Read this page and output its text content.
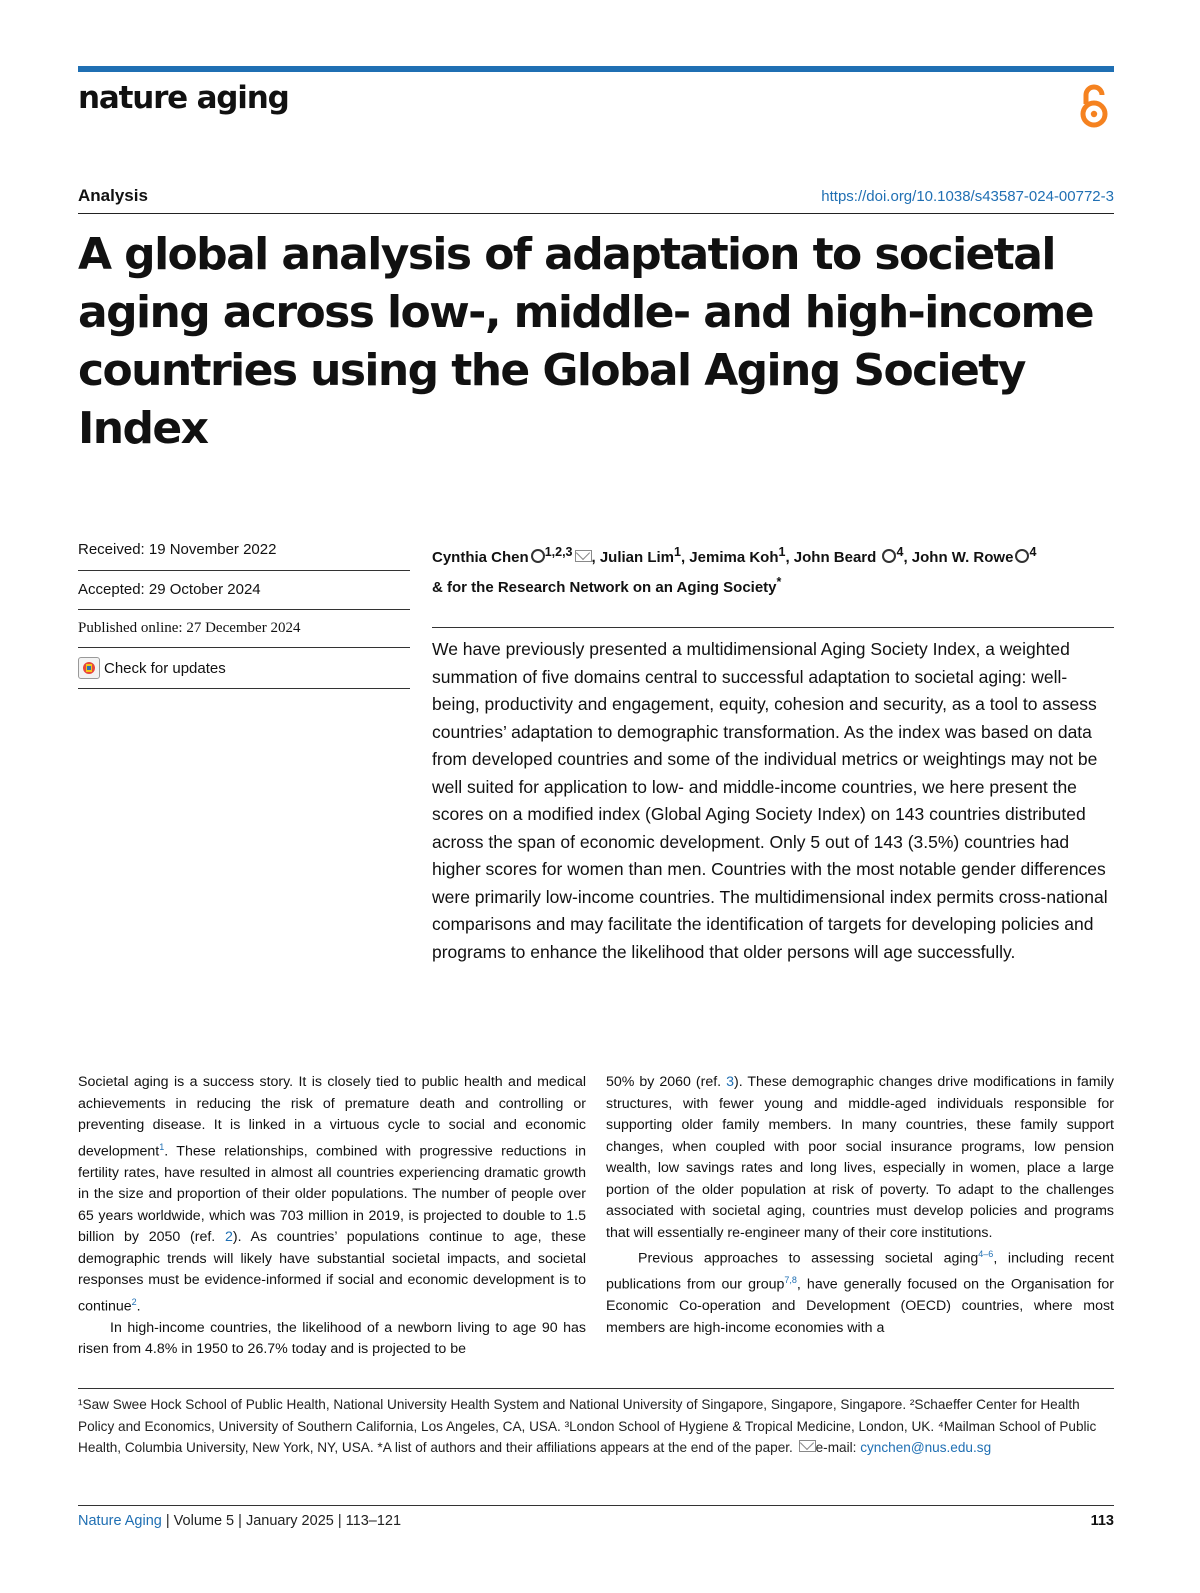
nature aging
Analysis	https://doi.org/10.1038/s43587-024-00772-3
A global analysis of adaptation to societal aging across low-, middle- and high-income countries using the Global Aging Society Index
Received: 19 November 2022
Accepted: 29 October 2024
Published online: 27 December 2024
Check for updates
Cynthia Chen $^{1,2,3}$ , Julian Lim$^1$, Jemima Koh$^1$, John Beard $^4$, John W. Rowe $^4$
& for the Research Network on an Aging Society*

We have previously presented a multidimensional Aging Society Index, a weighted summation of five domains central to successful adaptation to societal aging: well-being, productivity and engagement, equity, cohesion and security, as a tool to assess countries’ adaptation to demographic transformation. As the index was based on data from developed countries and some of the individual metrics or weightings may not be well suited for application to low- and middle-income countries, we here present the scores on a modified index (Global Aging Society Index) on 143 countries distributed across the span of economic development. Only 5 out of 143 (3.5%) countries had higher scores for women than men. Countries with the most notable gender differences were primarily low-income countries. The multidimensional index permits cross-national comparisons and may facilitate the identification of targets for developing policies and programs to enhance the likelihood that older persons will age successfully.

Societal aging is a success story. It is closely tied to public health and medical achievements in reducing the risk of premature death and controlling or preventing disease. It is linked in a virtuous cycle to social and economic development$^1$. These relationships, combined with progressive reductions in fertility rates, have resulted in almost all countries experiencing dramatic growth in the size and proportion of their older populations. The number of people over 65 years worldwide, which was 703 million in 2019, is projected to double to 1.5 billion by 2050 (ref. 2). As countries’ populations continue to age, these demographic trends will likely have substantial societal impacts, and societal responses must be evidence-informed if social and economic development is to continue$^2$.

In high-income countries, the likelihood of a newborn living to age 90 has risen from 4.8% in 1950 to 26.7% today and is projected to be

50% by 2060 (ref. 3). These demographic changes drive modifications in family structures, with fewer young and middle-aged individuals responsible for supporting older family members. In many countries, these family support changes, when coupled with poor social insurance programs, low pension wealth, low savings rates and long lives, especially in women, place a large portion of the older population at risk of poverty. To adapt to the challenges associated with societal aging, countries must develop policies and programs that will essentially re-engineer many of their core institutions.

Previous approaches to assessing societal aging$^{4-6}$, including recent publications from our group$^{7,8}$, have generally focused on the Organisation for Economic Co-operation and Development (OECD) countries, where most members are high-income economies with a

¹Saw Swee Hock School of Public Health, National University Health System and National University of Singapore, Singapore, Singapore. ²Schaeffer Center for Health Policy and Economics, University of Southern California, Los Angeles, CA, USA. ³London School of Hygiene & Tropical Medicine, London, UK. ⁴Mailman School of Public Health, Columbia University, New York, NY, USA. *A list of authors and their affiliations appears at the end of the paper. e-mail: cynchen@nus.edu.sg
Nature Aging | Volume 5 | January 2025 | 113–121	113
